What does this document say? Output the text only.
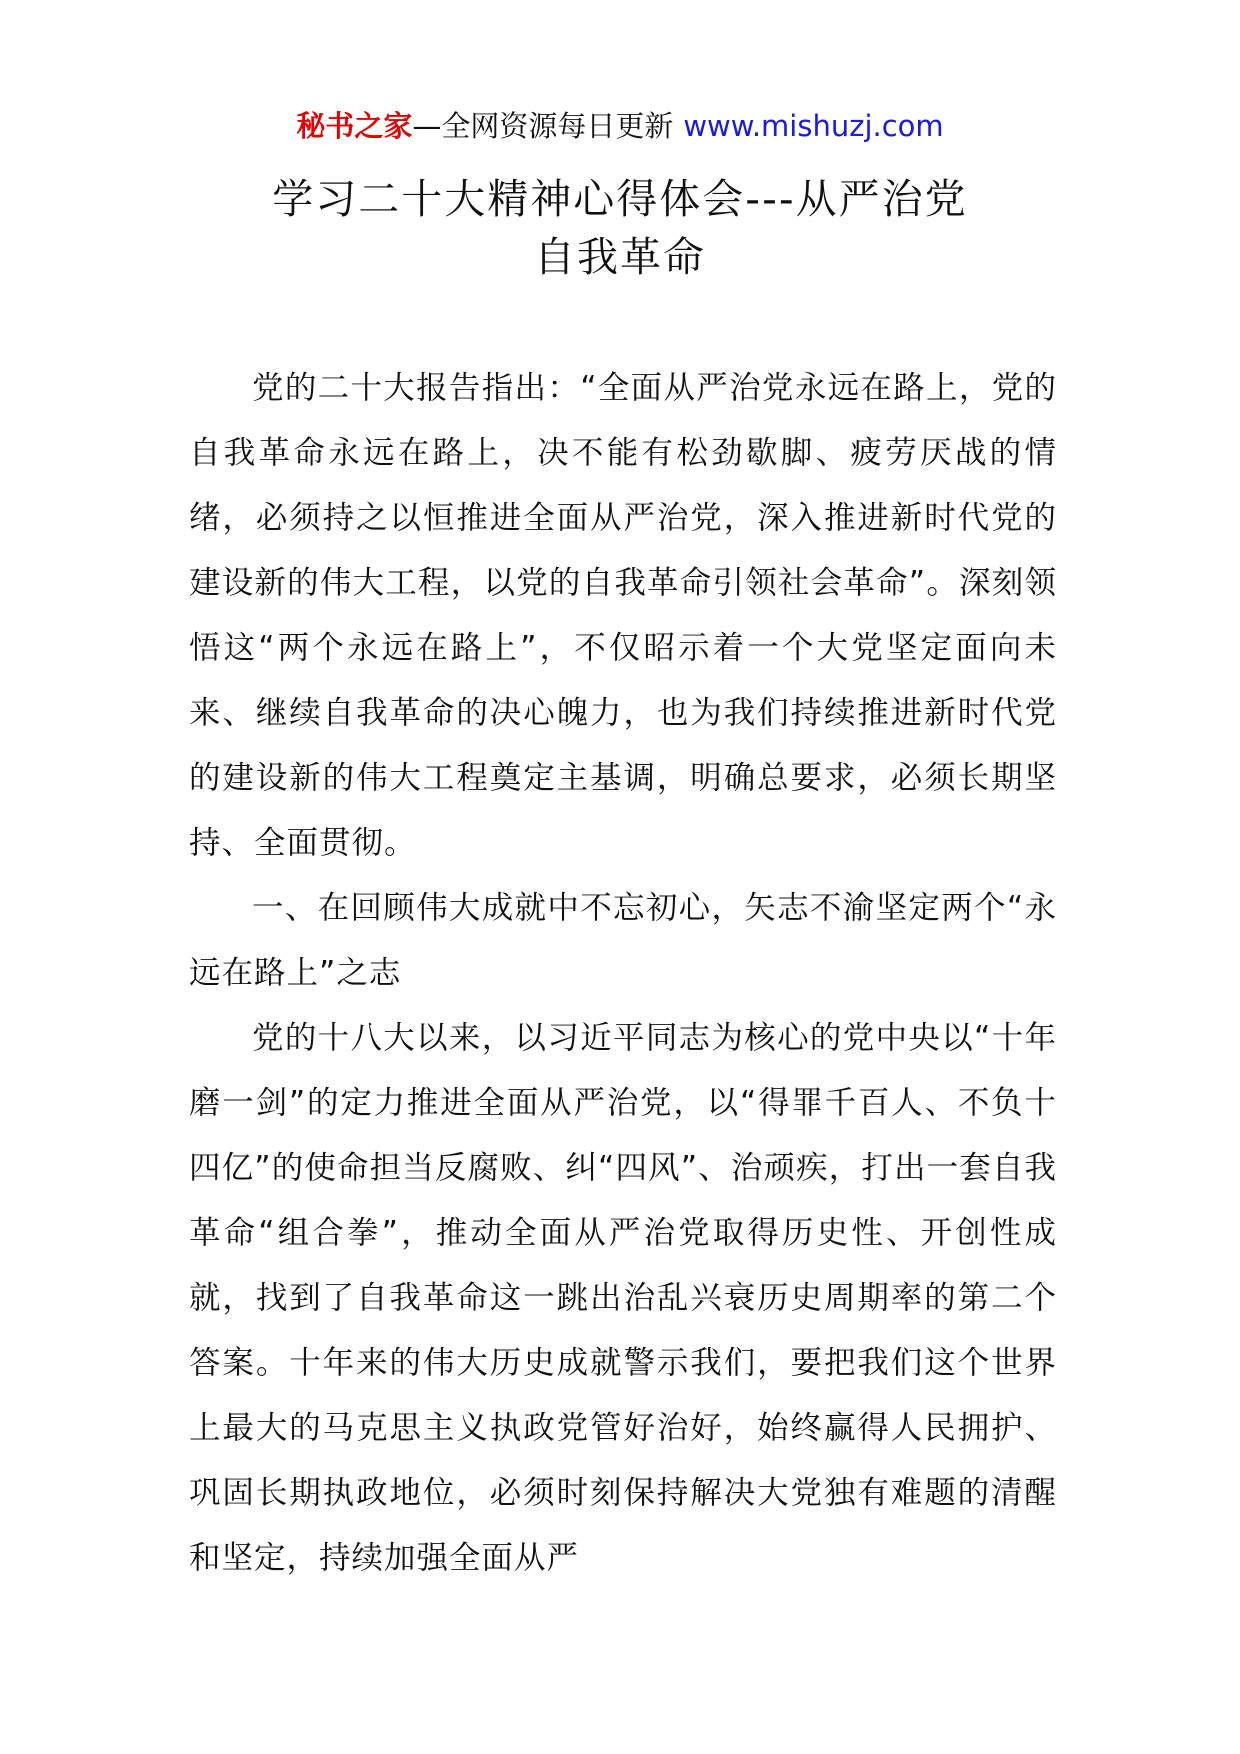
秘书之家—全网资源每日更新 www.mishuzj.com
学习二十大精神心得体会---从严治党
自我革命

党的二十大报告指出：“全面从严治党永远在路上，党的自我革命永远在路上，决不能有松劲歇脚、疲劳厌战的情绪，必须持之以恒推进全面从严治党，深入推进新时代党的建设新的伟大工程，以党的自我革命引领社会革命”。深刻领悟这“两个永远在路上”，不仅昭示着一个大党坚定面向未来、继续自我革命的决心魄力，也为我们持续推进新时代党的建设新的伟大工程奠定主基调，明确总要求，必须长期坚持、全面贯彻。

一、在回顾伟大成就中不忘初心，矢志不渝坚定两个“永远在路上”之志

党的十八大以来，以习近平同志为核心的党中央以“十年磨一剑”的定力推进全面从严治党，以“得罪千百人、不负十四亿”的使命担当反腐败、纠“四风”、治顽疾，打出一套自我革命“组合拳”，推动全面从严治党取得历史性、开创性成就，找到了自我革命这一跳出治乱兴衰历史周期率的第二个答案。十年来的伟大历史成就警示我们，要把我们这个世界上最大的马克思主义执政党管好治好，始终赢得人民拥护、巩固长期执政地位，必须时刻保持解决大党独有难题的清醒和坚定，持续加强全面从严
